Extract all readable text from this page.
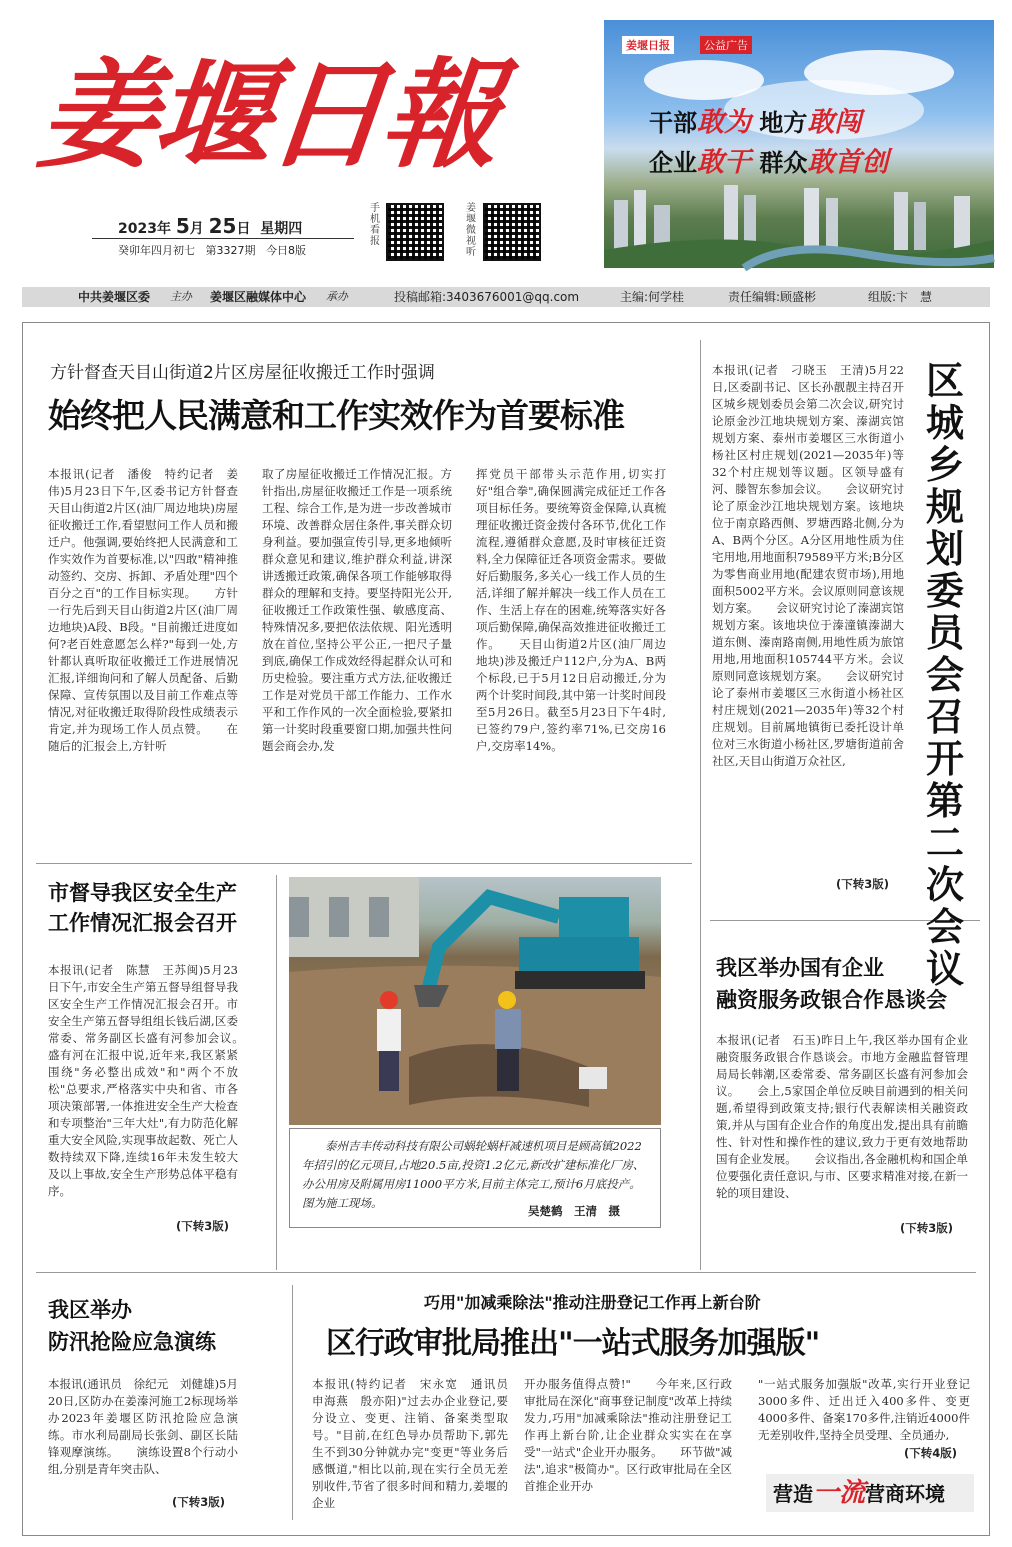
姜堰日報
2023年 5月 25日 星期四
癸卯年四月初七 第3327期 今日8版
手机看报
姜堰微视听
姜堰日报	公益广告
干部敢为 地方敢闯
企业敢干 群众敢首创
中共姜堰区委 主办 姜堰区融媒体中心 承办	投稿邮箱:3403676001@qq.com	主编:何学桂	责任编辑:顾盛彬	组版:卞　慧
方针督查天目山街道2片区房屋征收搬迁工作时强调
始终把人民满意和工作实效作为首要标准
本报讯(记者　潘俊　特约记者　姜伟)5月23日下午,区委书记方针督查天目山街道2片区(油厂周边地块)房屋征收搬迁工作,看望慰问工作人员和搬迁户。他强调,要始终把人民满意和工作实效作为首要标准,以"四敢"精神推动签约、交房、拆卸、矛盾处理"四个百分之百"的工作目标实现。　　方针一行先后到天目山街道2片区(油厂周边地块)A段、B段。"目前搬迁进度如何?老百姓意愿怎么样?"每到一处,方针都认真听取征收搬迁工作进展情况汇报,详细询问和了解人员配备、后勤保障、宣传氛围以及目前工作难点等情况,对征收搬迁取得阶段性成绩表示肯定,并为现场工作人员点赞。　　在随后的汇报会上,方针听
取了房屋征收搬迁工作情况汇报。方针指出,房屋征收搬迁工作是一项系统工程、综合工作,是为进一步改善城市环境、改善群众居住条件,事关群众切身利益。要加强宣传引导,更多地倾听群众意见和建议,维护群众利益,讲深讲透搬迁政策,确保各项工作能够取得群众的理解和支持。要坚持阳光公开,征收搬迁工作政策性强、敏感度高、特殊情况多,要把依法依规、阳光透明放在首位,坚持公平公正,一把尺子量到底,确保工作成效经得起群众认可和历史检验。要注重方式方法,征收搬迁工作是对党员干部工作能力、工作水平和工作作风的一次全面检验,要紧扣第一计奖时段重要窗口期,加强共性问题会商会办,发
挥党员干部带头示范作用,切实打好"组合拳",确保圆满完成征迁工作各项目标任务。要统筹资金保障,认真梳理征收搬迁资金拨付各环节,优化工作流程,遵循群众意愿,及时审核征迁资料,全力保障征迁各项资金需求。要做好后勤服务,多关心一线工作人员的生活,详细了解并解决一线工作人员在工作、生活上存在的困难,统筹落实好各项后勤保障,确保高效推进征收搬迁工作。　　天目山街道2片区(油厂周边地块)涉及搬迁户112户,分为A、B两个标段,已于5月12日启动搬迁,分为两个计奖时间段,其中第一计奖时间段至5月26日。截至5月23日下午4时,已签约79户,签约率71%,已交房16户,交房率14%。
区城乡规划委员会召开第二次会议
本报讯(记者　刁晓玉　王清)5月22日,区委副书记、区长孙靓靓主持召开区城乡规划委员会第二次会议,研究讨论原金沙江地块规划方案、溱湖宾馆规划方案、泰州市姜堰区三水街道小杨社区村庄规划(2021—2035年)等32个村庄规划等议题。区领导盛有河、滕智东参加会议。　　会议研究讨论了原金沙江地块规划方案。该地块位于南京路西侧、罗塘西路北侧,分为A、B两个分区。A分区用地性质为住宅用地,用地面积79589平方米;B分区为零售商业用地(配建农贸市场),用地面积5002平方米。会议原则同意该规划方案。　　会议研究讨论了溱湖宾馆规划方案。该地块位于溱潼镇溱湖大道东侧、溱南路南侧,用地性质为旅馆用地,用地面积105744平方米。会议原则同意该规划方案。　　会议研究讨论了泰州市姜堰区三水街道小杨社区村庄规划(2021—2035年)等32个村庄规划。目前属地镇街已委托设计单位对三水街道小杨社区,罗塘街道前舍社区,天目山街道万众社区,
(下转3版)
市督导我区安全生产
工作情况汇报会召开
本报讯(记者　陈慧　王苏闽)5月23日下午,市安全生产第五督导组督导我区安全生产工作情况汇报会召开。市安全生产第五督导组组长钱后湖,区委常委、常务副区长盛有河参加会议。　　盛有河在汇报中说,近年来,我区紧紧围绕"务必整出成效"和"两个不放松"总要求,严格落实中央和省、市各项决策部署,一体推进安全生产大检查和专项整治"三年大灶",有力防范化解重大安全风险,实现事故起数、死亡人数持续双下降,连续16年未发生较大及以上事故,安全生产形势总体平稳有序。
(下转3版)
泰州吉丰传动科技有限公司蜗轮蜗杆减速机项目是顾高镇2022年招引的亿元项目,占地20.5亩,投资1.2亿元,新改扩建标准化厂房、办公用房及附属用房11000平方米,目前主体完工,预计6月底投产。图为施工现场。
吴楚鹤　王清　摄
我区举办国有企业
融资服务政银合作恳谈会
本报讯(记者　石玉)昨日上午,我区举办国有企业融资服务政银合作恳谈会。市地方金融监督管理局局长韩潮,区委常委、常务副区长盛有河参加会议。　　会上,5家国企单位反映目前遇到的相关问题,希望得到政策支持;银行代表解读相关融资政策,并从与国有企业合作的角度出发,提出具有前瞻性、针对性和操作性的建议,致力于更有效地帮助国有企业发展。　　会议指出,各金融机构和国企单位要强化责任意识,与市、区要求精准对接,在新一轮的项目建设、
(下转3版)
我区举办
防汛抢险应急演练
本报讯(通讯员　徐纪元　刘健雄)5月20日,区防办在姜溱河施工2标现场举办2023年姜堰区防汛抢险应急演练。市水利局副局长张剑、副区长陆锋观摩演练。　　演练设置8个行动小组,分别是青年突击队、
(下转3版)
巧用"加减乘除法"推动注册登记工作再上新台阶
区行政审批局推出"一站式服务加强版"
本报讯(特约记者　宋永宽　通讯员　申海燕　殷亦阳)"过去办企业登记,要分设立、变更、注销、备案类型取号。"目前,在红色导办员帮助下,郭先生不到30分钟就办完"变更"等业务后感慨道,"相比以前,现在实行全员无差别收件,节省了很多时间和精力,姜堰的企业
开办服务值得点赞!"　　今年来,区行政审批局在深化"商事登记制度"改革上持续发力,巧用"加减乘除法"推动注册登记工作再上新台阶,让企业群众实实在在享受"一站式"企业开办服务。　　环节做"减法",追求"极简办"。区行政审批局在全区首推企业开办
"一站式服务加强版"改革,实行开业登记3000多件、迁出迁入400多件、变更4000多件、备案170多件,注销近4000件无差别收件,坚持全员受理、全员通办,
(下转4版)
营造一流营商环境
